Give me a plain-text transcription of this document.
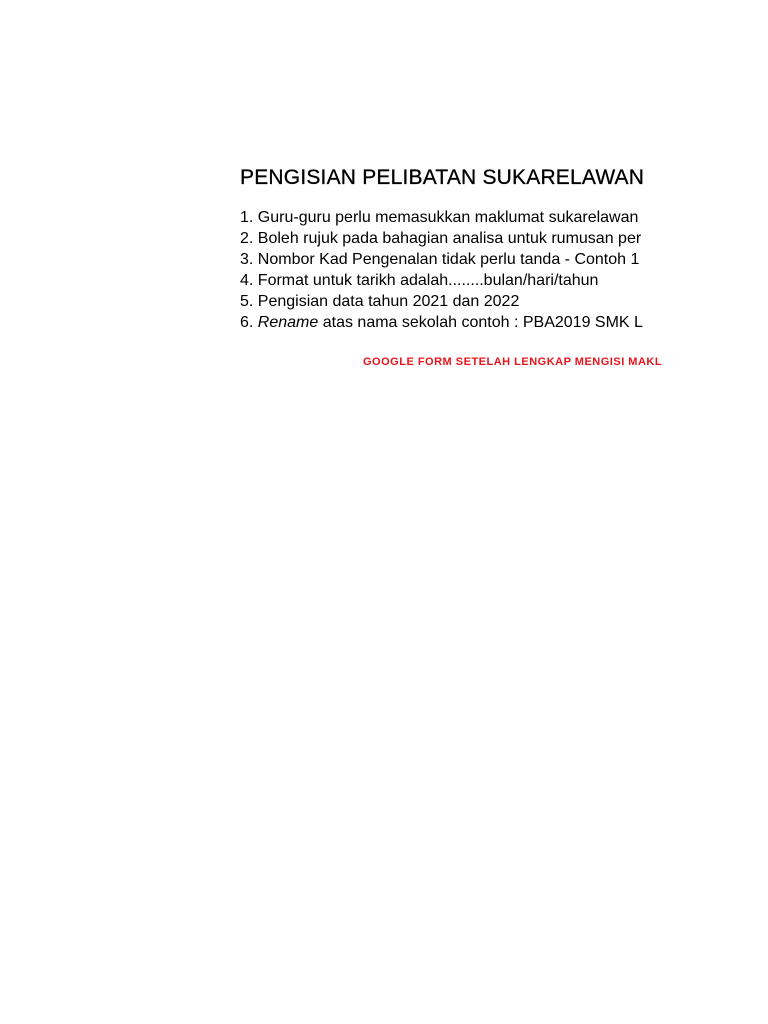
PENGISIAN PELIBATAN SUKARELAWAN
1. Guru-guru perlu memasukkan maklumat sukarelawan
2. Boleh rujuk pada bahagian analisa untuk rumusan per
3. Nombor Kad Pengenalan tidak perlu tanda - Contoh 1
4. Format untuk tarikh adalah........bulan/hari/tahun
5. Pengisian data tahun 2021 dan 2022
6. Rename atas nama sekolah contoh : PBA2019 SMK L
GOOGLE FORM SETELAH LENGKAP MENGISI MAKL
